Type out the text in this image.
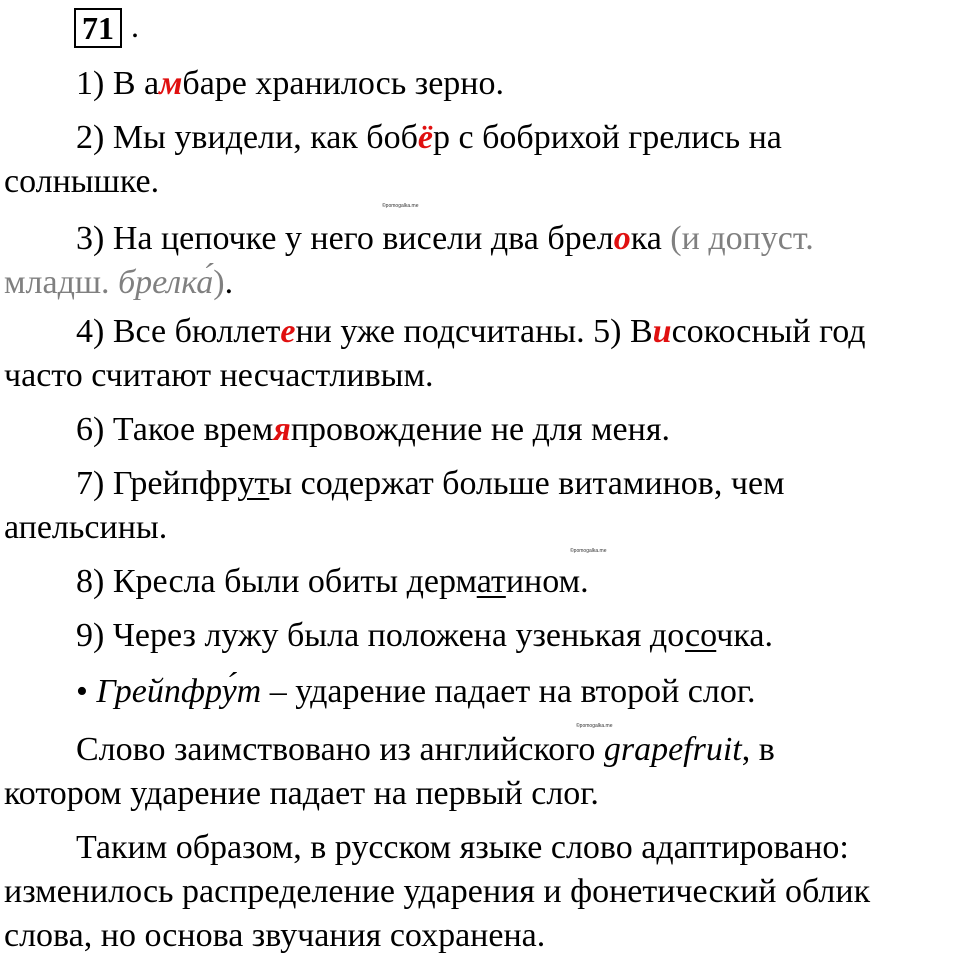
71 .
1) В амбаре хранилось зерно.
2) Мы увидели, как бобёр с бобрихой грелись на
солнышке.
©pomogalka.me
3) На цепочке у него висели два брелока (и допуст.
младш. брелка́).
4) Все бюллетени уже подсчитаны. 5) Високосный год
часто считают несчастливым.
6) Такое времяпровождение не для меня.
7) Грейпфруты содержат больше витаминов, чем
апельсины.
©pomogalka.me
8) Кресла были обиты дерматином.
9) Через лужу была положена узенькая досочка.
• Грейпфру́т – ударение падает на второй слог.
©pomogalka.me
Слово заимствовано из английского grapefruit, в
котором ударение падает на первый слог.
Таким образом, в русском языке слово адаптировано:
изменилось распределение ударения и фонетический облик
слова, но основа звучания сохранена.
